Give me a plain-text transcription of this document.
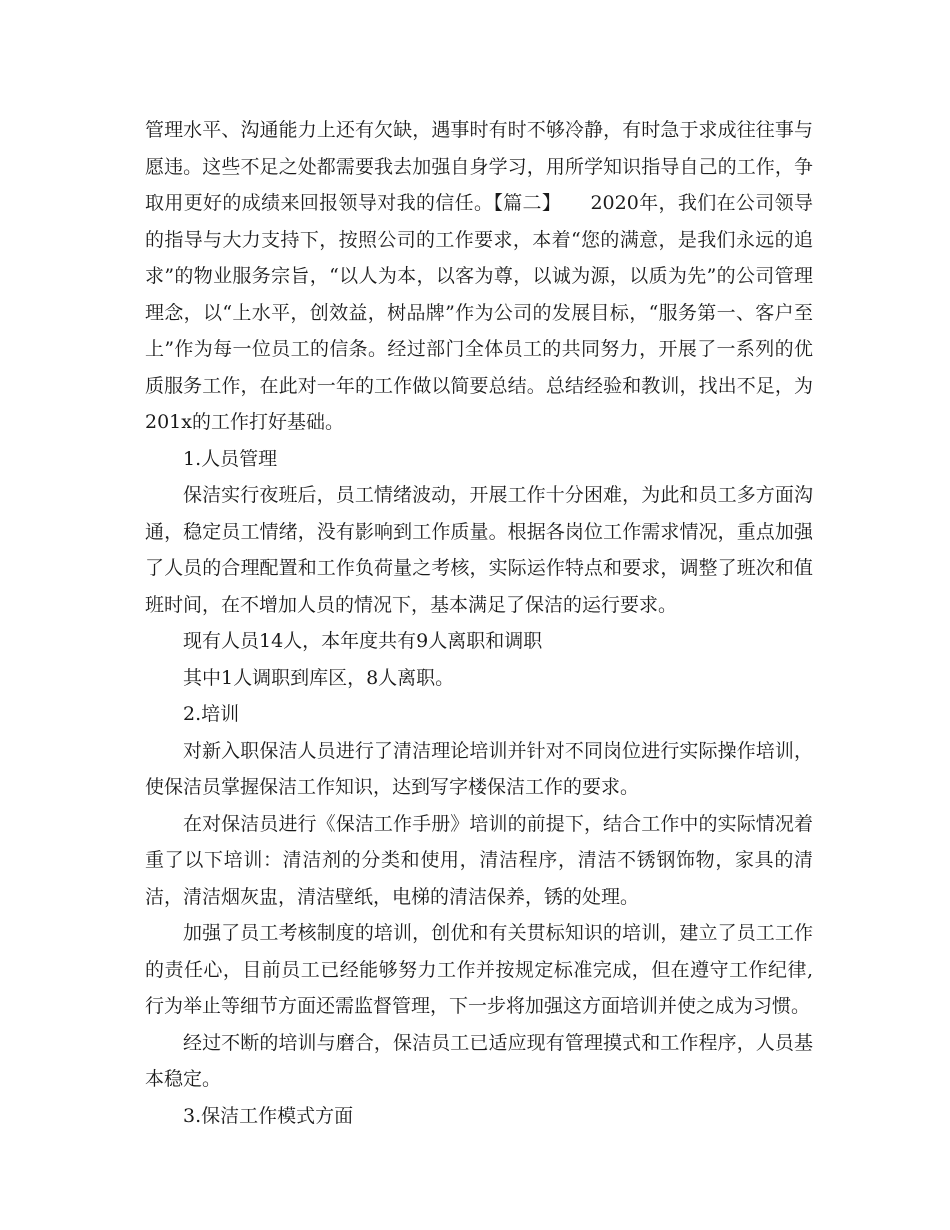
管理水平、沟通能力上还有欠缺，遇事时有时不够冷静，有时急于求成往往事与愿违。这些不足之处都需要我去加强自身学习，用所学知识指导自己的工作，争取用更好的成绩来回报领导对我的信任。【篇二】　　2020年，我们在公司领导的指导与大力支持下，按照公司的工作要求，本着“您的满意，是我们永远的追求”的物业服务宗旨，“以人为本，以客为尊，以诚为源，以质为先”的公司管理理念，以“上水平，创效益，树品牌”作为公司的发展目标，“服务第一、客户至上”作为每一位员工的信条。经过部门全体员工的共同努力，开展了一系列的优质服务工作，在此对一年的工作做以简要总结。总结经验和教训，找出不足，为201x的工作打好基础。

1.人员管理

保洁实行夜班后，员工情绪波动，开展工作十分困难，为此和员工多方面沟通，稳定员工情绪，没有影响到工作质量。根据各岗位工作需求情况，重点加强了人员的合理配置和工作负荷量之考核，实际运作特点和要求，调整了班次和值班时间，在不增加人员的情况下，基本满足了保洁的运行要求。

现有人员14人，本年度共有9人离职和调职

其中1人调职到库区，8人离职。

2.培训

对新入职保洁人员进行了清洁理论培训并针对不同岗位进行实际操作培训，使保洁员掌握保洁工作知识，达到写字楼保洁工作的要求。

在对保洁员进行《保洁工作手册》培训的前提下，结合工作中的实际情况着重了以下培训：清洁剂的分类和使用，清洁程序，清洁不锈钢饰物，家具的清洁，清洁烟灰盅，清洁壁纸，电梯的清洁保养，锈的处理。

加强了员工考核制度的培训，创优和有关贯标知识的培训，建立了员工工作的责任心，目前员工已经能够努力工作并按规定标准完成，但在遵守工作纪律,行为举止等细节方面还需监督管理，下一步将加强这方面培训并使之成为习惯。

经过不断的培训与磨合，保洁员工已适应现有管理摸式和工作程序，人员基本稳定。

3.保洁工作模式方面
